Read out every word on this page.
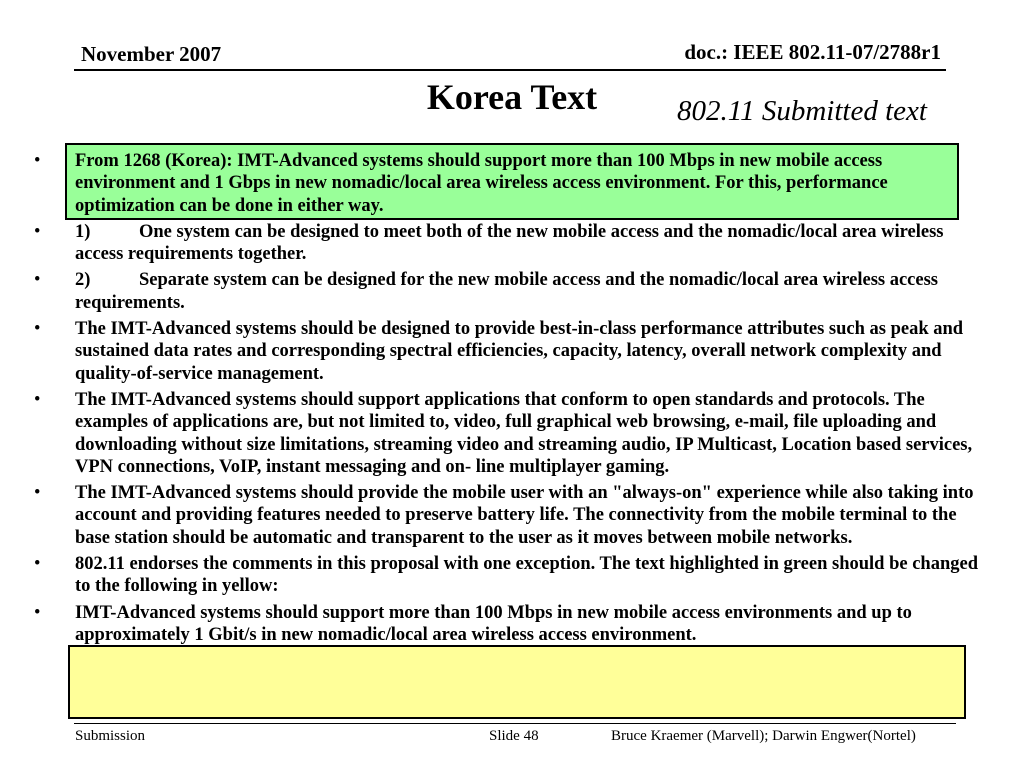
November 2007	doc.: IEEE 802.11-07/2788r1
Korea Text	802.11 Submitted text
• From 1268 (Korea): IMT-Advanced systems should support more than 100 Mbps in new mobile access environment and 1 Gbps in new nomadic/local area wireless access environment. For this, performance optimization can be done in either way.
• 1)	One system can be designed to meet both of the new mobile access and the nomadic/local area wireless access requirements together.
• 2)	Separate system can be designed for the new mobile access and the nomadic/local area wireless access requirements.
• The IMT-Advanced systems should be designed to provide best-in-class performance attributes such as peak and sustained data rates and corresponding spectral efficiencies, capacity, latency, overall network complexity and quality-of-service management.
• The IMT-Advanced systems should support applications that conform to open standards and protocols. The examples of applications are, but not limited to, video, full graphical web browsing, e-mail, file uploading and downloading without size limitations, streaming video and streaming audio, IP Multicast, Location based services, VPN connections, VoIP, instant messaging and on- line multiplayer gaming.
• The IMT-Advanced systems should provide the mobile user with an "always-on" experience while also taking into account and providing features needed to preserve battery life. The connectivity from the mobile terminal to the base station should be automatic and transparent to the user as it moves between mobile networks.
• 802.11 endorses the comments in this proposal with one exception. The text highlighted in green should be changed to the following in yellow:
• IMT-Advanced systems should support more than 100 Mbps in new mobile access environments and up to approximately 1 Gbit/s in new nomadic/local area wireless access environment.
Submission	Slide 48	Bruce Kraemer (Marvell); Darwin Engwer(Nortel)
